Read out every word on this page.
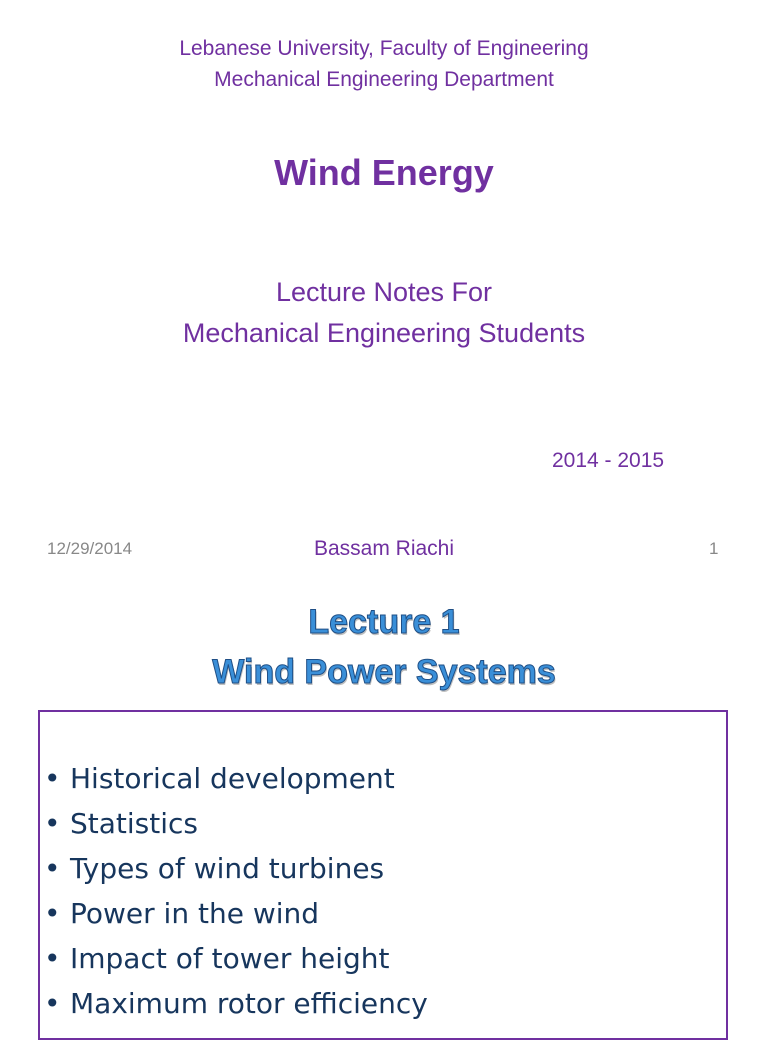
Lebanese University, Faculty of Engineering
Mechanical Engineering Department
Wind Energy
Lecture Notes For
Mechanical Engineering Students
2014 - 2015
12/29/2014	Bassam Riachi	1
Lecture 1
Wind Power Systems
• Historical development
• Statistics
• Types of wind turbines
• Power in the wind
• Impact of tower height
• Maximum rotor efficiency
